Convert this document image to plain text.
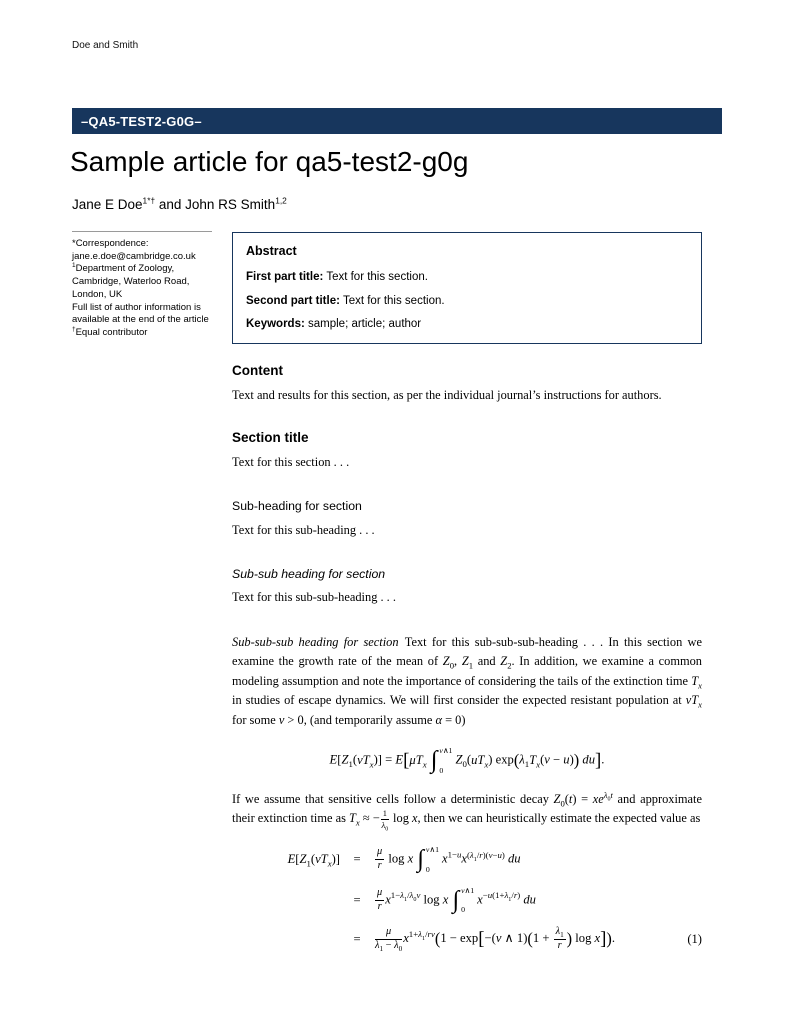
Doe and Smith
–QA5-TEST2-G0G–
Sample article for qa5-test2-g0g
Jane E Doe$^{1*\dagger}$ and John RS Smith$^{1,2}$
*Correspondence:
jane.e.doe@cambridge.co.uk
$^1$Department of Zoology, Cambridge, Waterloo Road, London, UK
Full list of author information is available at the end of the article
†Equal contributor
Abstract

First part title: Text for this section.

Second part title: Text for this section.

Keywords: sample; article; author

Content

Text and results for this section, as per the individual journal’s instructions for authors.

Section title

Text for this section . . .

Sub-heading for section

Text for this sub-heading . . .

Sub-sub heading for section

Text for this sub-sub-heading . . .

Sub-sub-sub heading for section Text for this sub-sub-sub-heading . . . In this section we examine the growth rate of the mean of $Z_0$, $Z_1$ and $Z_2$. In addition, we examine a common modeling assumption and note the importance of considering the tails of the extinction time $T_x$ in studies of escape dynamics. We will first consider the expected resistant population at $vT_x$ for some v > 0, (and temporarily assume α = 0)

$E[Z_1(vT_x)] = E[\mu T_x$ ∫ v∧1
0
$Z_0(uT_x) \exp(\lambda_1T_x(v - u))$ du].

If we assume that sensitive cells follow a deterministic decay $Z_0(t) = xe^{\lambda_0t}$ and approximate their extinction time as $T_x$ ≈ − $\frac{1}{\lambda_0}$ log x, then we can heuristically estimate the expected value as

$E[Z_1(vT_x)]$	=	$\frac{\mu}{r}$ log x ∫ v∧1
0
$x^{1-u}x^{(\lambda_1/r)(v-u)}$ du
=	$\frac{\mu}{r} x^{1-\lambda_1/\lambda_0v}$ log x ∫ v∧1
0
$x^{-u(1+\lambda_1/r)}$ du
=	$\frac{\mu}{\lambda_1 - \lambda_0} x^{1+\lambda_1/rv}(1 - \exp[-(v$ ∧ $1)(1 + \frac{\lambda_1}{r}$ ) log x]).	(1)
